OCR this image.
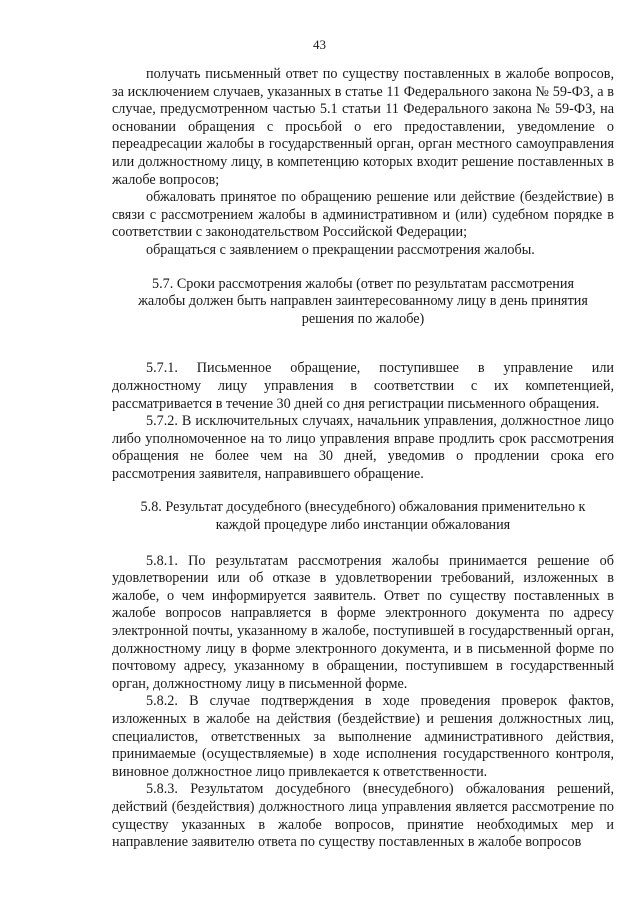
43

получать письменный ответ по существу поставленных в жалобе вопросов, за исключением случаев, указанных в статье 11 Федерального закона № 59-ФЗ, а в случае, предусмотренном частью 5.1 статьи 11 Федерального закона № 59-ФЗ, на основании обращения с просьбой о его предоставлении, уведомление о переадресации жалобы в государственный орган, орган местного самоуправления или должностному лицу, в компетенцию которых входит решение поставленных в жалобе вопросов;

обжаловать принятое по обращению решение или действие (бездействие) в связи с рассмотрением жалобы в административном и (или) судебном порядке в соответствии с законодательством Российской Федерации;

обращаться с заявлением о прекращении рассмотрения жалобы.

5.7. Сроки рассмотрения жалобы (ответ по результатам рассмотрения жалобы должен быть направлен заинтересованному лицу в день принятия решения по жалобе)

5.7.1. Письменное обращение, поступившее в управление или должностному лицу управления в соответствии с их компетенцией, рассматривается в течение 30 дней со дня регистрации письменного обращения.

5.7.2. В исключительных случаях, начальник управления, должностное лицо либо уполномоченное на то лицо управления вправе продлить срок рассмотрения обращения не более чем на 30 дней, уведомив о продлении срока его рассмотрения заявителя, направившего обращение.

5.8. Результат досудебного (внесудебного) обжалования применительно к каждой процедуре либо инстанции обжалования

5.8.1. По результатам рассмотрения жалобы принимается решение об удовлетворении или об отказе в удовлетворении требований, изложенных в жалобе, о чем информируется заявитель. Ответ по существу поставленных в жалобе вопросов направляется в форме электронного документа по адресу электронной почты, указанному в жалобе, поступившей в государственный орган, должностному лицу в форме электронного документа, и в письменной форме по почтовому адресу, указанному в обращении, поступившем в государственный орган, должностному лицу в письменной форме.

5.8.2. В случае подтверждения в ходе проведения проверок фактов, изложенных в жалобе на действия (бездействие) и решения должностных лиц, специалистов, ответственных за выполнение административного действия, принимаемые (осуществляемые) в ходе исполнения государственного контроля, виновное должностное лицо привлекается к ответственности.

5.8.3. Результатом досудебного (внесудебного) обжалования решений, действий (бездействия) должностного лица управления является рассмотрение по существу указанных в жалобе вопросов, принятие необходимых мер и направление заявителю ответа по существу поставленных в жалобе вопросов
